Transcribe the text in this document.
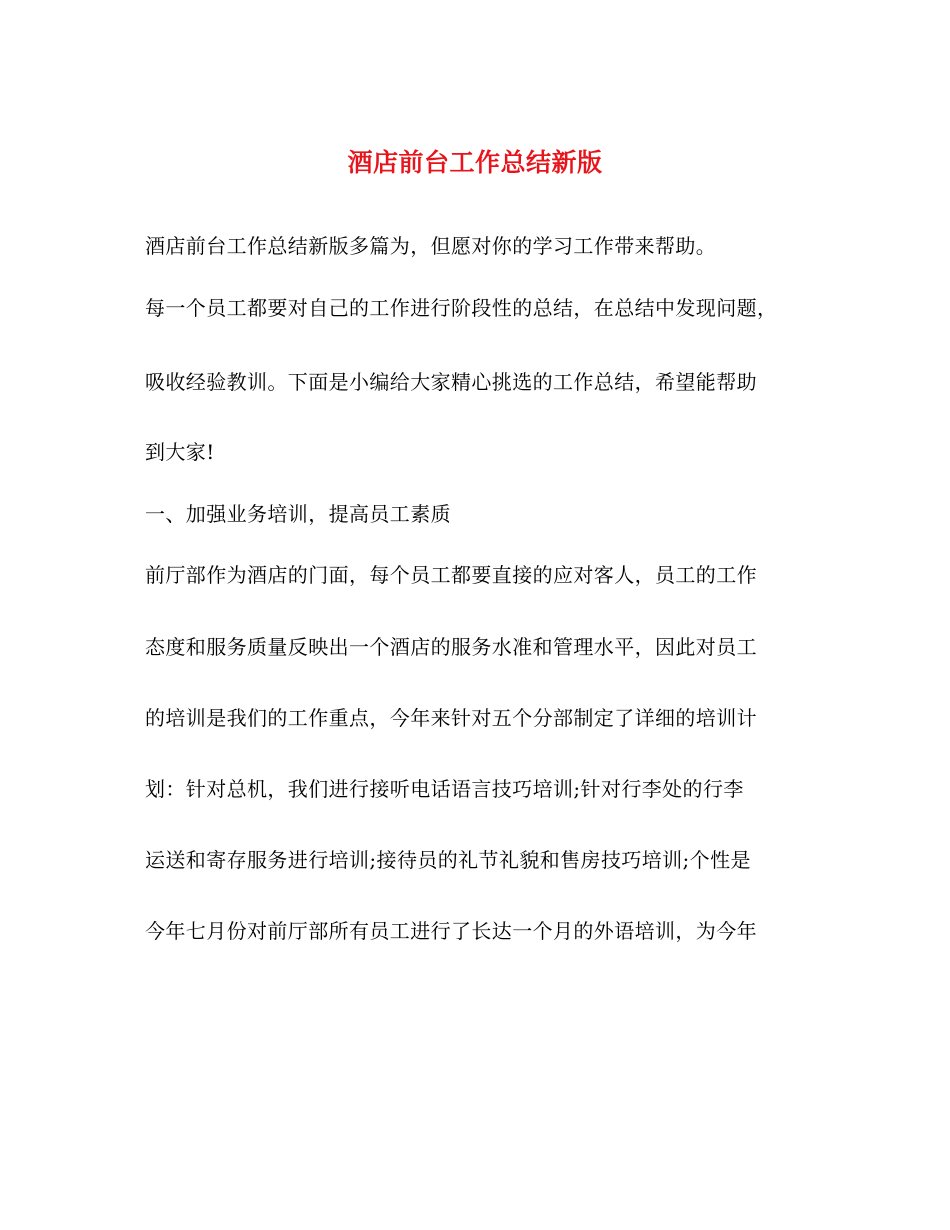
酒店前台工作总结新版
酒店前台工作总结新版多篇为，但愿对你的学习工作带来帮助。
每一个员工都要对自己的工作进行阶段性的总结，在总结中发现问题，
吸收经验教训。下面是小编给大家精心挑选的工作总结，希望能帮助
到大家!
一、加强业务培训，提高员工素质
前厅部作为酒店的门面，每个员工都要直接的应对客人，员工的工作
态度和服务质量反映出一个酒店的服务水准和管理水平，因此对员工
的培训是我们的工作重点，今年来针对五个分部制定了详细的培训计
划：针对总机，我们进行接听电话语言技巧培训;针对行李处的行李
运送和寄存服务进行培训;接待员的礼节礼貌和售房技巧培训;个性是
今年七月份对前厅部所有员工进行了长达一个月的外语培训，为今年
